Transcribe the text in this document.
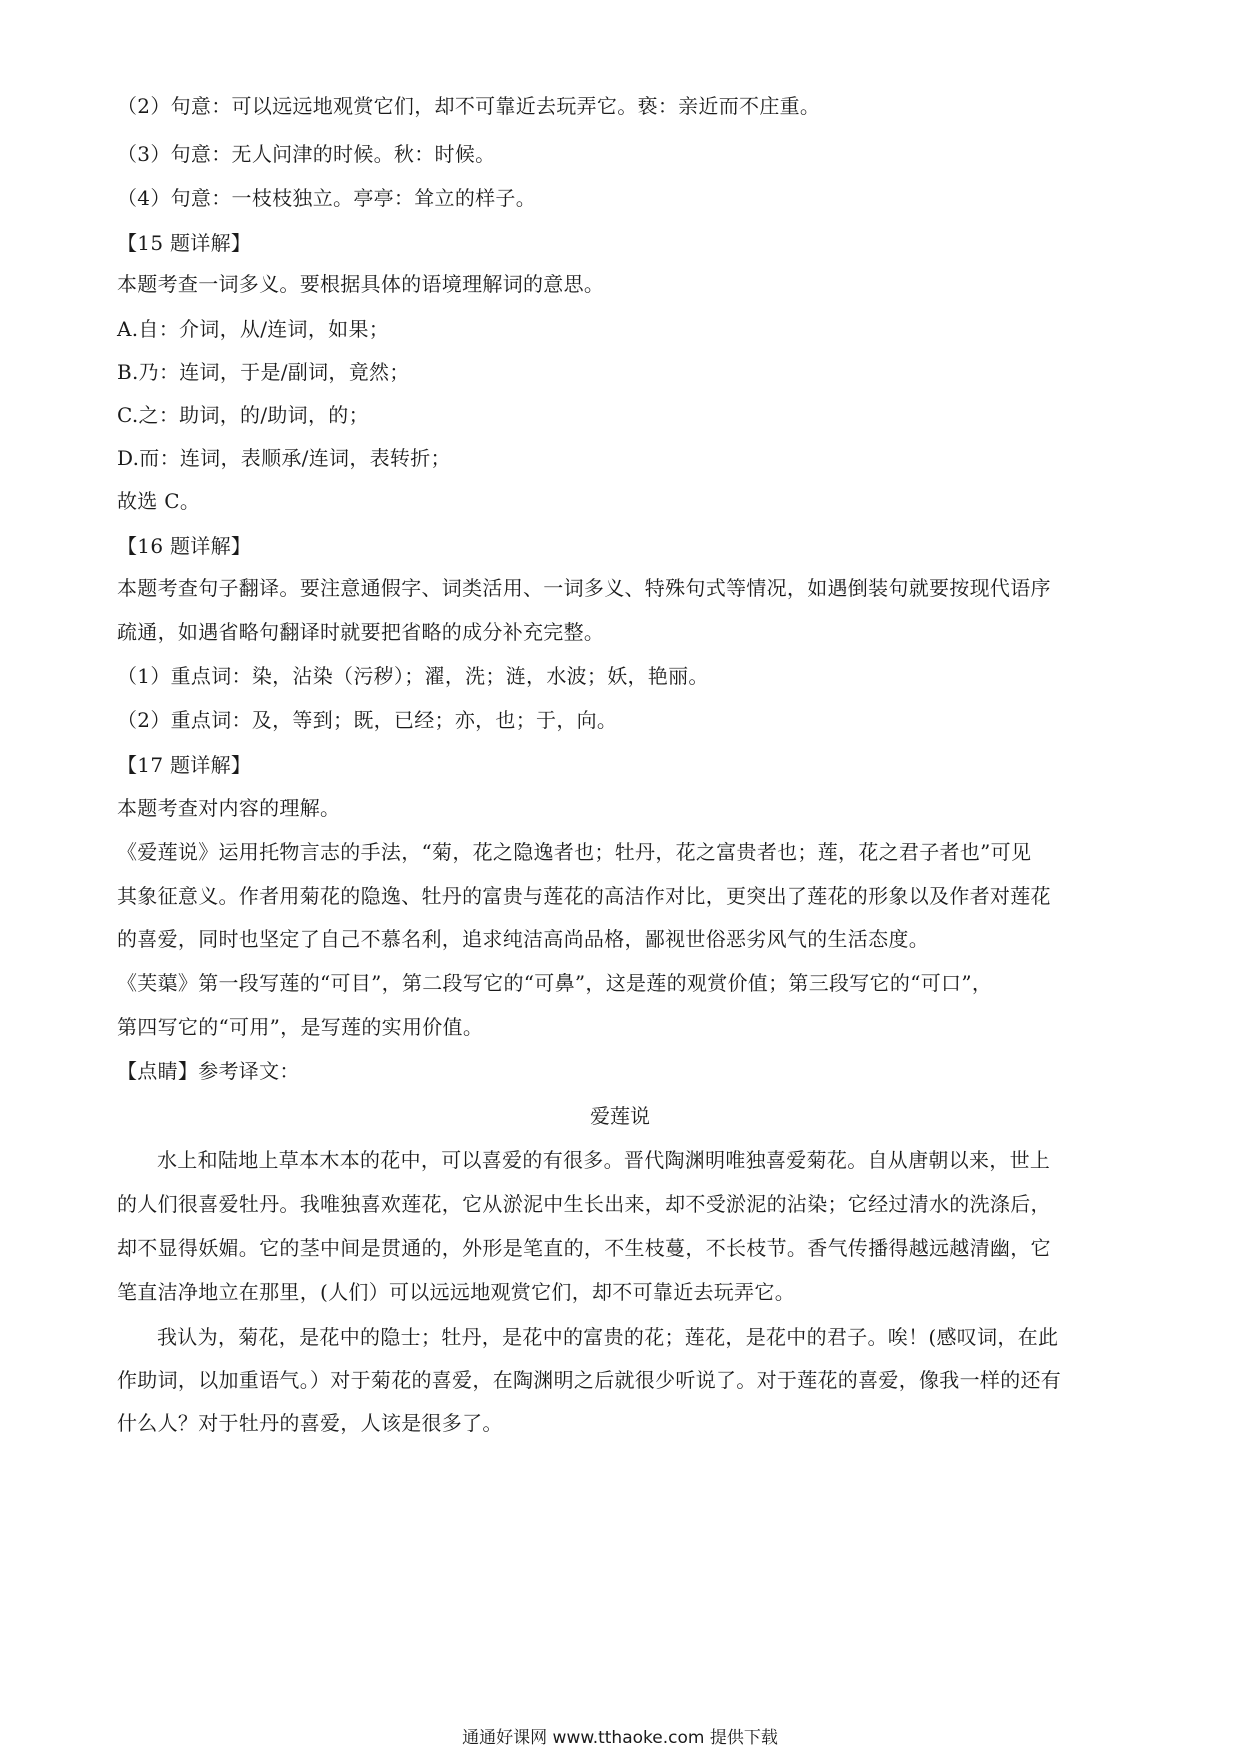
（2）句意：可以远远地观赏它们，却不可靠近去玩弄它。亵：亲近而不庄重。
（3）句意：无人问津的时候。秋：时候。
（4）句意：一枝枝独立。亭亭：耸立的样子。
【15 题详解】
本题考查一词多义。要根据具体的语境理解词的意思。
A.自：介词，从/连词，如果；
B.乃：连词，于是/副词，竟然；
C.之：助词，的/助词，的；
D.而：连词，表顺承/连词，表转折；
故选 C。
【16 题详解】
本题考查句子翻译。要注意通假字、词类活用、一词多义、特殊句式等情况，如遇倒装句就要按现代语序
疏通，如遇省略句翻译时就要把省略的成分补充完整。
（1）重点词：染，沾染（污秽）；濯，洗；涟，水波；妖，艳丽。
（2）重点词：及，等到；既，已经；亦，也；于，向。
【17 题详解】
本题考查对内容的理解。
《爱莲说》运用托物言志的手法，“菊，花之隐逸者也；牡丹，花之富贵者也；莲，花之君子者也”可见
其象征意义。作者用菊花的隐逸、牡丹的富贵与莲花的高洁作对比，更突出了莲花的形象以及作者对莲花
的喜爱，同时也坚定了自己不慕名利，追求纯洁高尚品格，鄙视世俗恶劣风气的生活态度。
《芙蕖》第一段写莲的“可目”，第二段写它的“可鼻”，这是莲的观赏价值；第三段写它的“可口”，
第四写它的“可用”，是写莲的实用价值。
【点睛】参考译文：
爱莲说
水上和陆地上草本木本的花中，可以喜爱的有很多。晋代陶渊明唯独喜爱菊花。自从唐朝以来，世上
的人们很喜爱牡丹。我唯独喜欢莲花，它从淤泥中生长出来，却不受淤泥的沾染；它经过清水的洗涤后，
却不显得妖媚。它的茎中间是贯通的，外形是笔直的，不生枝蔓，不长枝节。香气传播得越远越清幽，它
笔直洁净地立在那里，(人们）可以远远地观赏它们，却不可靠近去玩弄它。
我认为，菊花，是花中的隐士；牡丹，是花中的富贵的花；莲花，是花中的君子。唉！(感叹词，在此
作助词，以加重语气。）对于菊花的喜爱，在陶渊明之后就很少听说了。对于莲花的喜爱，像我一样的还有
什么人？对于牡丹的喜爱，人该是很多了。
通通好课网 www.tthaoke.com 提供下载
